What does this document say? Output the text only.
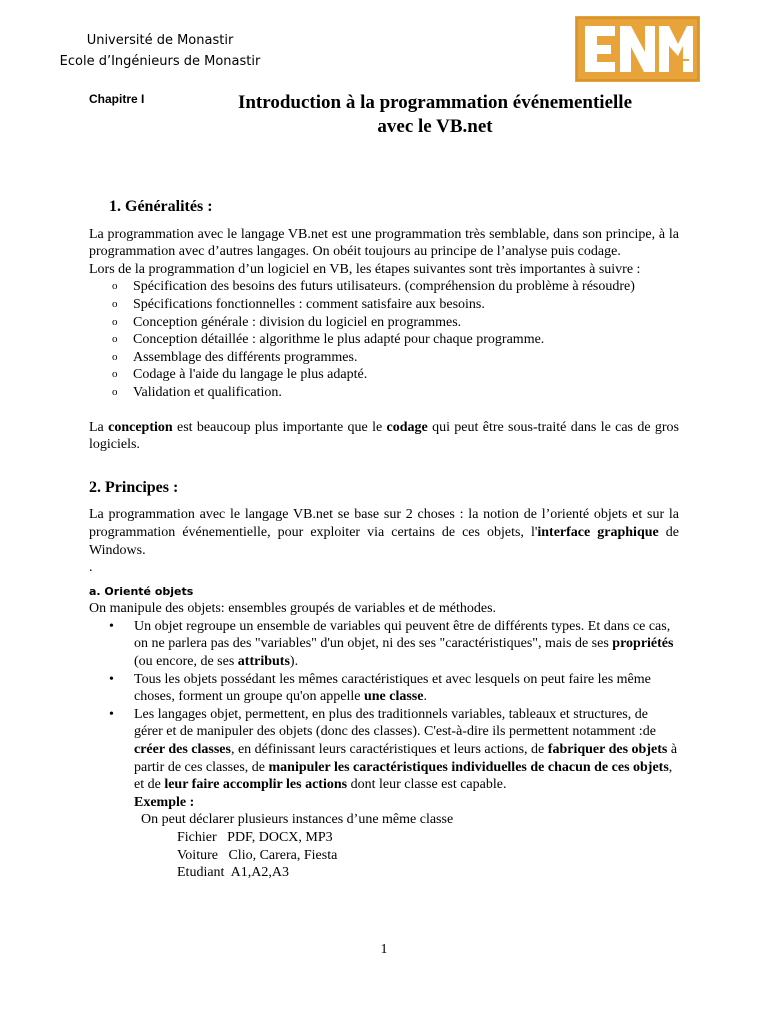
Université de Monastir
Ecole d’Ingénieurs de Monastir
Chapitre I	Introduction à la programmation événementielle
avec le VB.net
1. Généralités :

La programmation avec le langage VB.net est une programmation très semblable, dans son principe, à la programmation avec d’autres langages. On obéit toujours au principe de l’analyse puis codage.

Lors de la programmation d’un logiciel en VB, les étapes suivantes sont très importantes à suivre :

o Spécification des besoins des futurs utilisateurs. (compréhension du problème à résoudre)
o Spécifications fonctionnelles : comment satisfaire aux besoins.
o Conception générale : division du logiciel en programmes.
o Conception détaillée : algorithme le plus adapté pour chaque programme.
o Assemblage des différents programmes.
o Codage à l'aide du langage le plus adapté.
o Validation et qualification.

La conception est beaucoup plus importante que le codage qui peut être sous-traité dans le cas de gros logiciels.

2. Principes :

La programmation avec le langage VB.net se base sur 2 choses : la notion de l’orienté objets et sur la programmation événementielle, pour exploiter via certains de ces objets, l'interface graphique de Windows.

.
a. Orienté objets
On manipule des objets: ensembles groupés de variables et de méthodes.
• Un objet regroupe un ensemble de variables qui peuvent être de différents types. Et dans ce cas, on ne parlera pas des "variables" d'un objet, ni des ses "caractéristiques", mais de ses propriétés (ou encore, de ses attributs).
• Tous les objets possédant les mêmes caractéristiques et avec lesquels on peut faire les même choses, forment un groupe qu'on appelle une classe.
• Les langages objet, permettent, en plus des traditionnels variables, tableaux et structures, de gérer et de manipuler des objets (donc des classes). C'est-à-dire ils permettent notamment :de créer des classes, en définissant leurs caractéristiques et leurs actions, de fabriquer des objets à partir de ces classes, de manipuler les caractéristiques individuelles de chacun de ces objets, et de leur faire accomplir les actions dont leur classe est capable.
Exemple :
On peut déclarer plusieurs instances d’une même classe
Fichier   PDF, DOCX, MP3
Voiture   Clio, Carera, Fiesta
Etudiant  A1,A2,A3
1
